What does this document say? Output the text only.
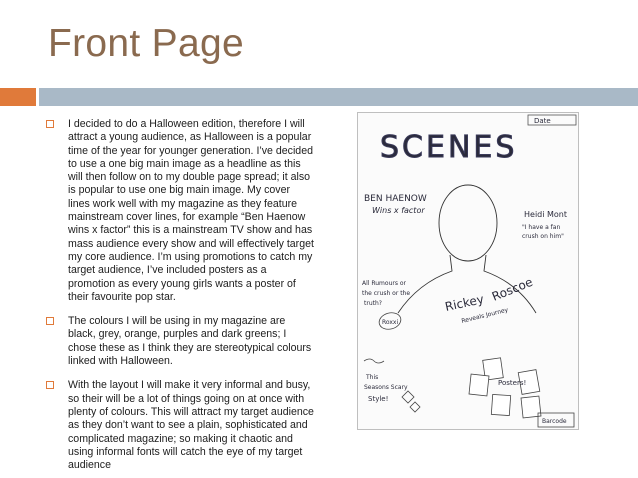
Front Page
I decided to do a Halloween edition, therefore I will attract a young audience, as Halloween is a popular time of the year for younger generation. I’ve decided to use a one big main image as a headline as this will then follow on to my double page spread; it also is popular to use one big main image. My cover lines work well with my magazine as they feature mainstream cover lines, for example “Ben Haenow wins x factor” this is a mainstream TV show and has mass audience every show and will effectively target my core audience. I’m using promotions to catch my target audience, I’ve included posters as a promotion as every young girls wants a poster of their favourite pop star.
The colours I will be using in my magazine are black, grey, orange, purples and dark greens; I chose these as I think they are stereotypical colours linked with Halloween.
With the layout I will make it very informal and busy, so their will be a lot of things going on at once with plenty of colours. This will attract my target audience as they don’t want to see a plain, sophisticated and complicated magazine; so making it chaotic and using informal fonts will catch the eye of my target audience
Date
SCENES
BEN HAENOW
Wins x factor	Heidi Mont
"I have a fan
crush on him"
All Rumours or
the crush or the
truth?
Roxxi
Rickey Roscoe
Reveals Journey
This
Seasons Scary
Style!
Posters!
Barcode
